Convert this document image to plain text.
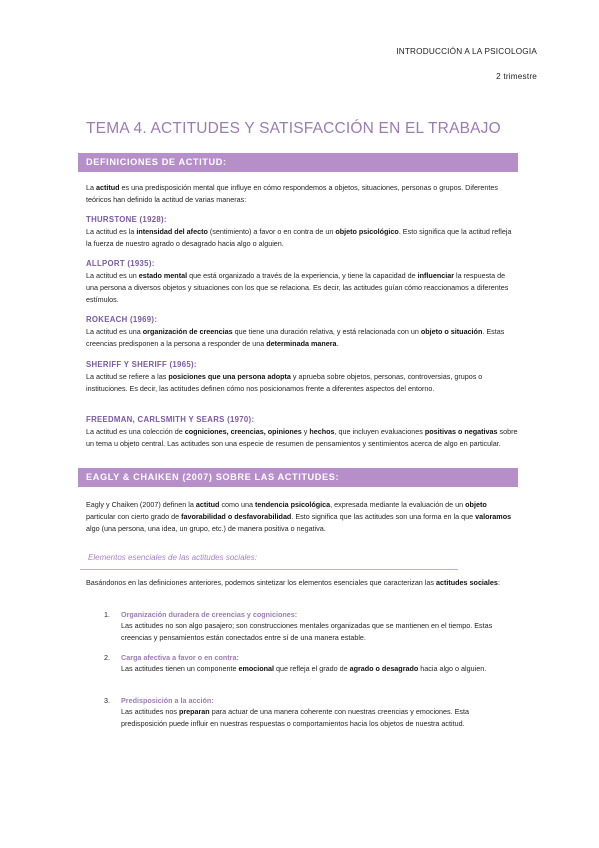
INTRODUCCIÓN A LA PSICOLOGIA
2 trimestre
TEMA 4. ACTITUDES Y SATISFACCIÓN EN EL TRABAJO
DEFINICIONES DE ACTITUD:
La actitud es una predisposición mental que influye en cómo respondemos a objetos, situaciones, personas o grupos. Diferentes teóricos han definido la actitud de varias maneras:
THURSTONE (1928):
La actitud es la intensidad del afecto (sentimiento) a favor o en contra de un objeto psicológico. Esto significa que la actitud refleja la fuerza de nuestro agrado o desagrado hacia algo o alguien.
ALLPORT (1935):
La actitud es un estado mental que está organizado a través de la experiencia, y tiene la capacidad de influenciar la respuesta de una persona a diversos objetos y situaciones con los que se relaciona. Es decir, las actitudes guían cómo reaccionamos a diferentes estímulos.
ROKEACH (1969):
La actitud es una organización de creencias que tiene una duración relativa, y está relacionada con un objeto o situación. Estas creencias predisponen a la persona a responder de una determinada manera.
SHERIFF Y SHERIFF (1965):
La actitud se refiere a las posiciones que una persona adopta y aprueba sobre objetos, personas, controversias, grupos o instituciones. Es decir, las actitudes definen cómo nos posicionamos frente a diferentes aspectos del entorno.
FREEDMAN, CARLSMITH Y SEARS (1970):
La actitud es una colección de cogniciones, creencias, opiniones y hechos, que incluyen evaluaciones positivas o negativas sobre un tema u objeto central. Las actitudes son una especie de resumen de pensamientos y sentimientos acerca de algo en particular.
EAGLY & CHAIKEN (2007) SOBRE LAS ACTITUDES:
Eagly y Chaiken (2007) definen la actitud como una tendencia psicológica, expresada mediante la evaluación de un objeto particular con cierto grado de favorabilidad o desfavorabilidad. Esto significa que las actitudes son una forma en la que valoramos algo (una persona, una idea, un grupo, etc.) de manera positiva o negativa.
Elementos esenciales de las actitudes sociales:
Basándonos en las definiciones anteriores, podemos sintetizar los elementos esenciales que caracterizan las actitudes sociales:
1. Organización duradera de creencias y cogniciones:
Las actitudes no son algo pasajero; son construcciones mentales organizadas que se mantienen en el tiempo. Estas creencias y pensamientos están conectados entre sí de una manera estable.
2. Carga afectiva a favor o en contra:
Las actitudes tienen un componente emocional que refleja el grado de agrado o desagrado hacia algo o alguien.
3. Predisposición a la acción:
Las actitudes nos preparan para actuar de una manera coherente con nuestras creencias y emociones. Esta predisposición puede influir en nuestras respuestas o comportamientos hacia los objetos de nuestra actitud.
